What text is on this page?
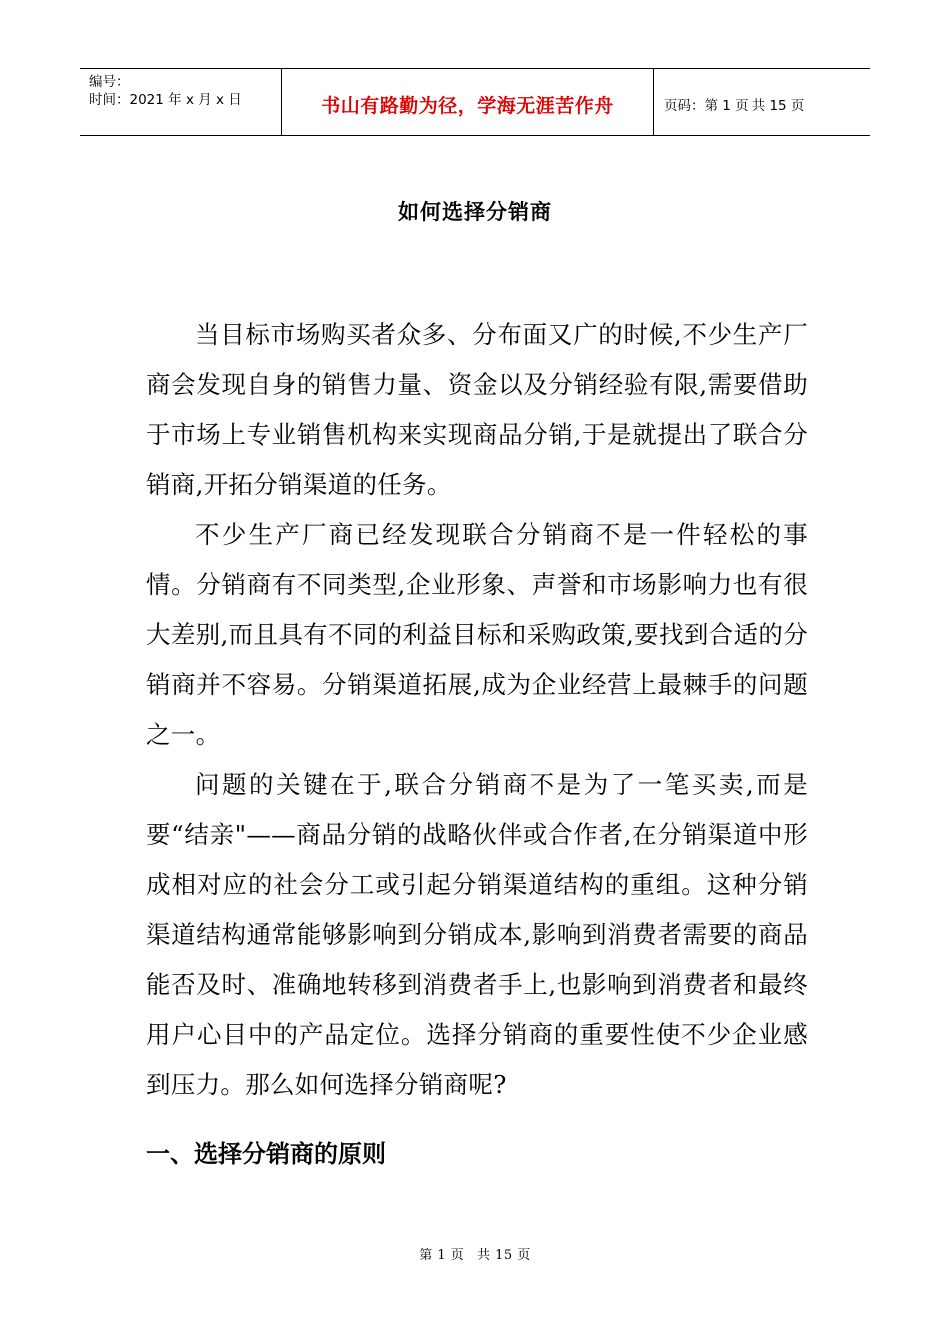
编号：
时间：2021 年 x 月 x 日	书山有路勤为径，学海无涯苦作舟	页码：第 1 页 共 15 页
如何选择分销商

当目标市场购买者众多、分布面又广的时候,不少生产厂商会发现自身的销售力量、资金以及分销经验有限,需要借助于市场上专业销售机构来实现商品分销,于是就提出了联合分销商,开拓分销渠道的任务。

不少生产厂商已经发现联合分销商不是一件轻松的事情。分销商有不同类型,企业形象、声誉和市场影响力也有很大差别,而且具有不同的利益目标和采购政策,要找到合适的分销商并不容易。分销渠道拓展,成为企业经营上最棘手的问题之一。

问题的关键在于,联合分销商不是为了一笔买卖,而是要“结亲"——商品分销的战略伙伴或合作者,在分销渠道中形成相对应的社会分工或引起分销渠道结构的重组。这种分销渠道结构通常能够影响到分销成本,影响到消费者需要的商品能否及时、准确地转移到消费者手上,也影响到消费者和最终用户心目中的产品定位。选择分销商的重要性使不少企业感到压力。那么如何选择分销商呢?

一、选择分销商的原则
第 1 页 共 15 页
